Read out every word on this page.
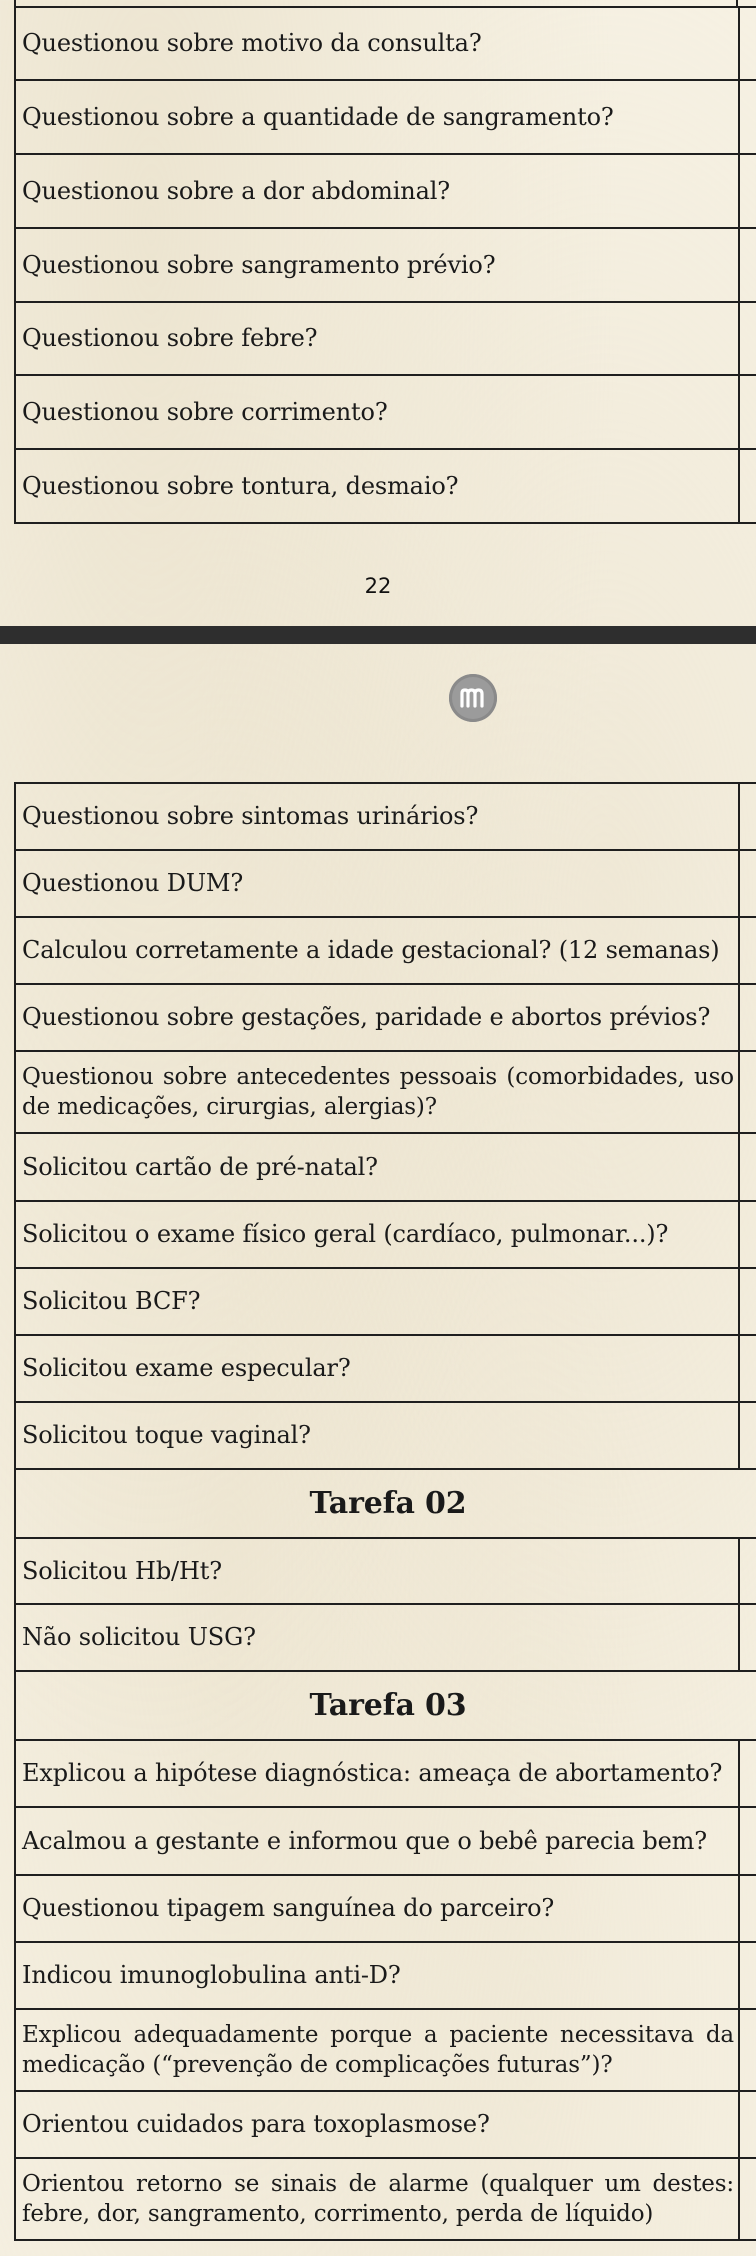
Questionou sobre motivo da consulta?
Questionou sobre a quantidade de sangramento?
Questionou sobre a dor abdominal?
Questionou sobre sangramento prévio?
Questionou sobre febre?
Questionou sobre corrimento?
Questionou sobre tontura, desmaio?
22
Questionou sobre sintomas urinários?
Questionou DUM?
Calculou corretamente a idade gestacional? (12 semanas)
Questionou sobre gestações, paridade e abortos prévios?
Questionou sobre antecedentes pessoais (comorbidades, uso de medicações, cirurgias, alergias)?
Solicitou cartão de pré-natal?
Solicitou o exame físico geral (cardíaco, pulmonar...)?
Solicitou BCF?
Solicitou exame especular?
Solicitou toque vaginal?
Tarefa 02
Solicitou Hb/Ht?
Não solicitou USG?
Tarefa 03
Explicou a hipótese diagnóstica: ameaça de abortamento?
Acalmou a gestante e informou que o bebê parecia bem?
Questionou tipagem sanguínea do parceiro?
Indicou imunoglobulina anti-D?
Explicou adequadamente porque a paciente necessitava da medicação (“prevenção de complicações futuras”)?
Orientou cuidados para toxoplasmose?
Orientou retorno se sinais de alarme (qualquer um destes: febre, dor, sangramento, corrimento, perda de líquido)
